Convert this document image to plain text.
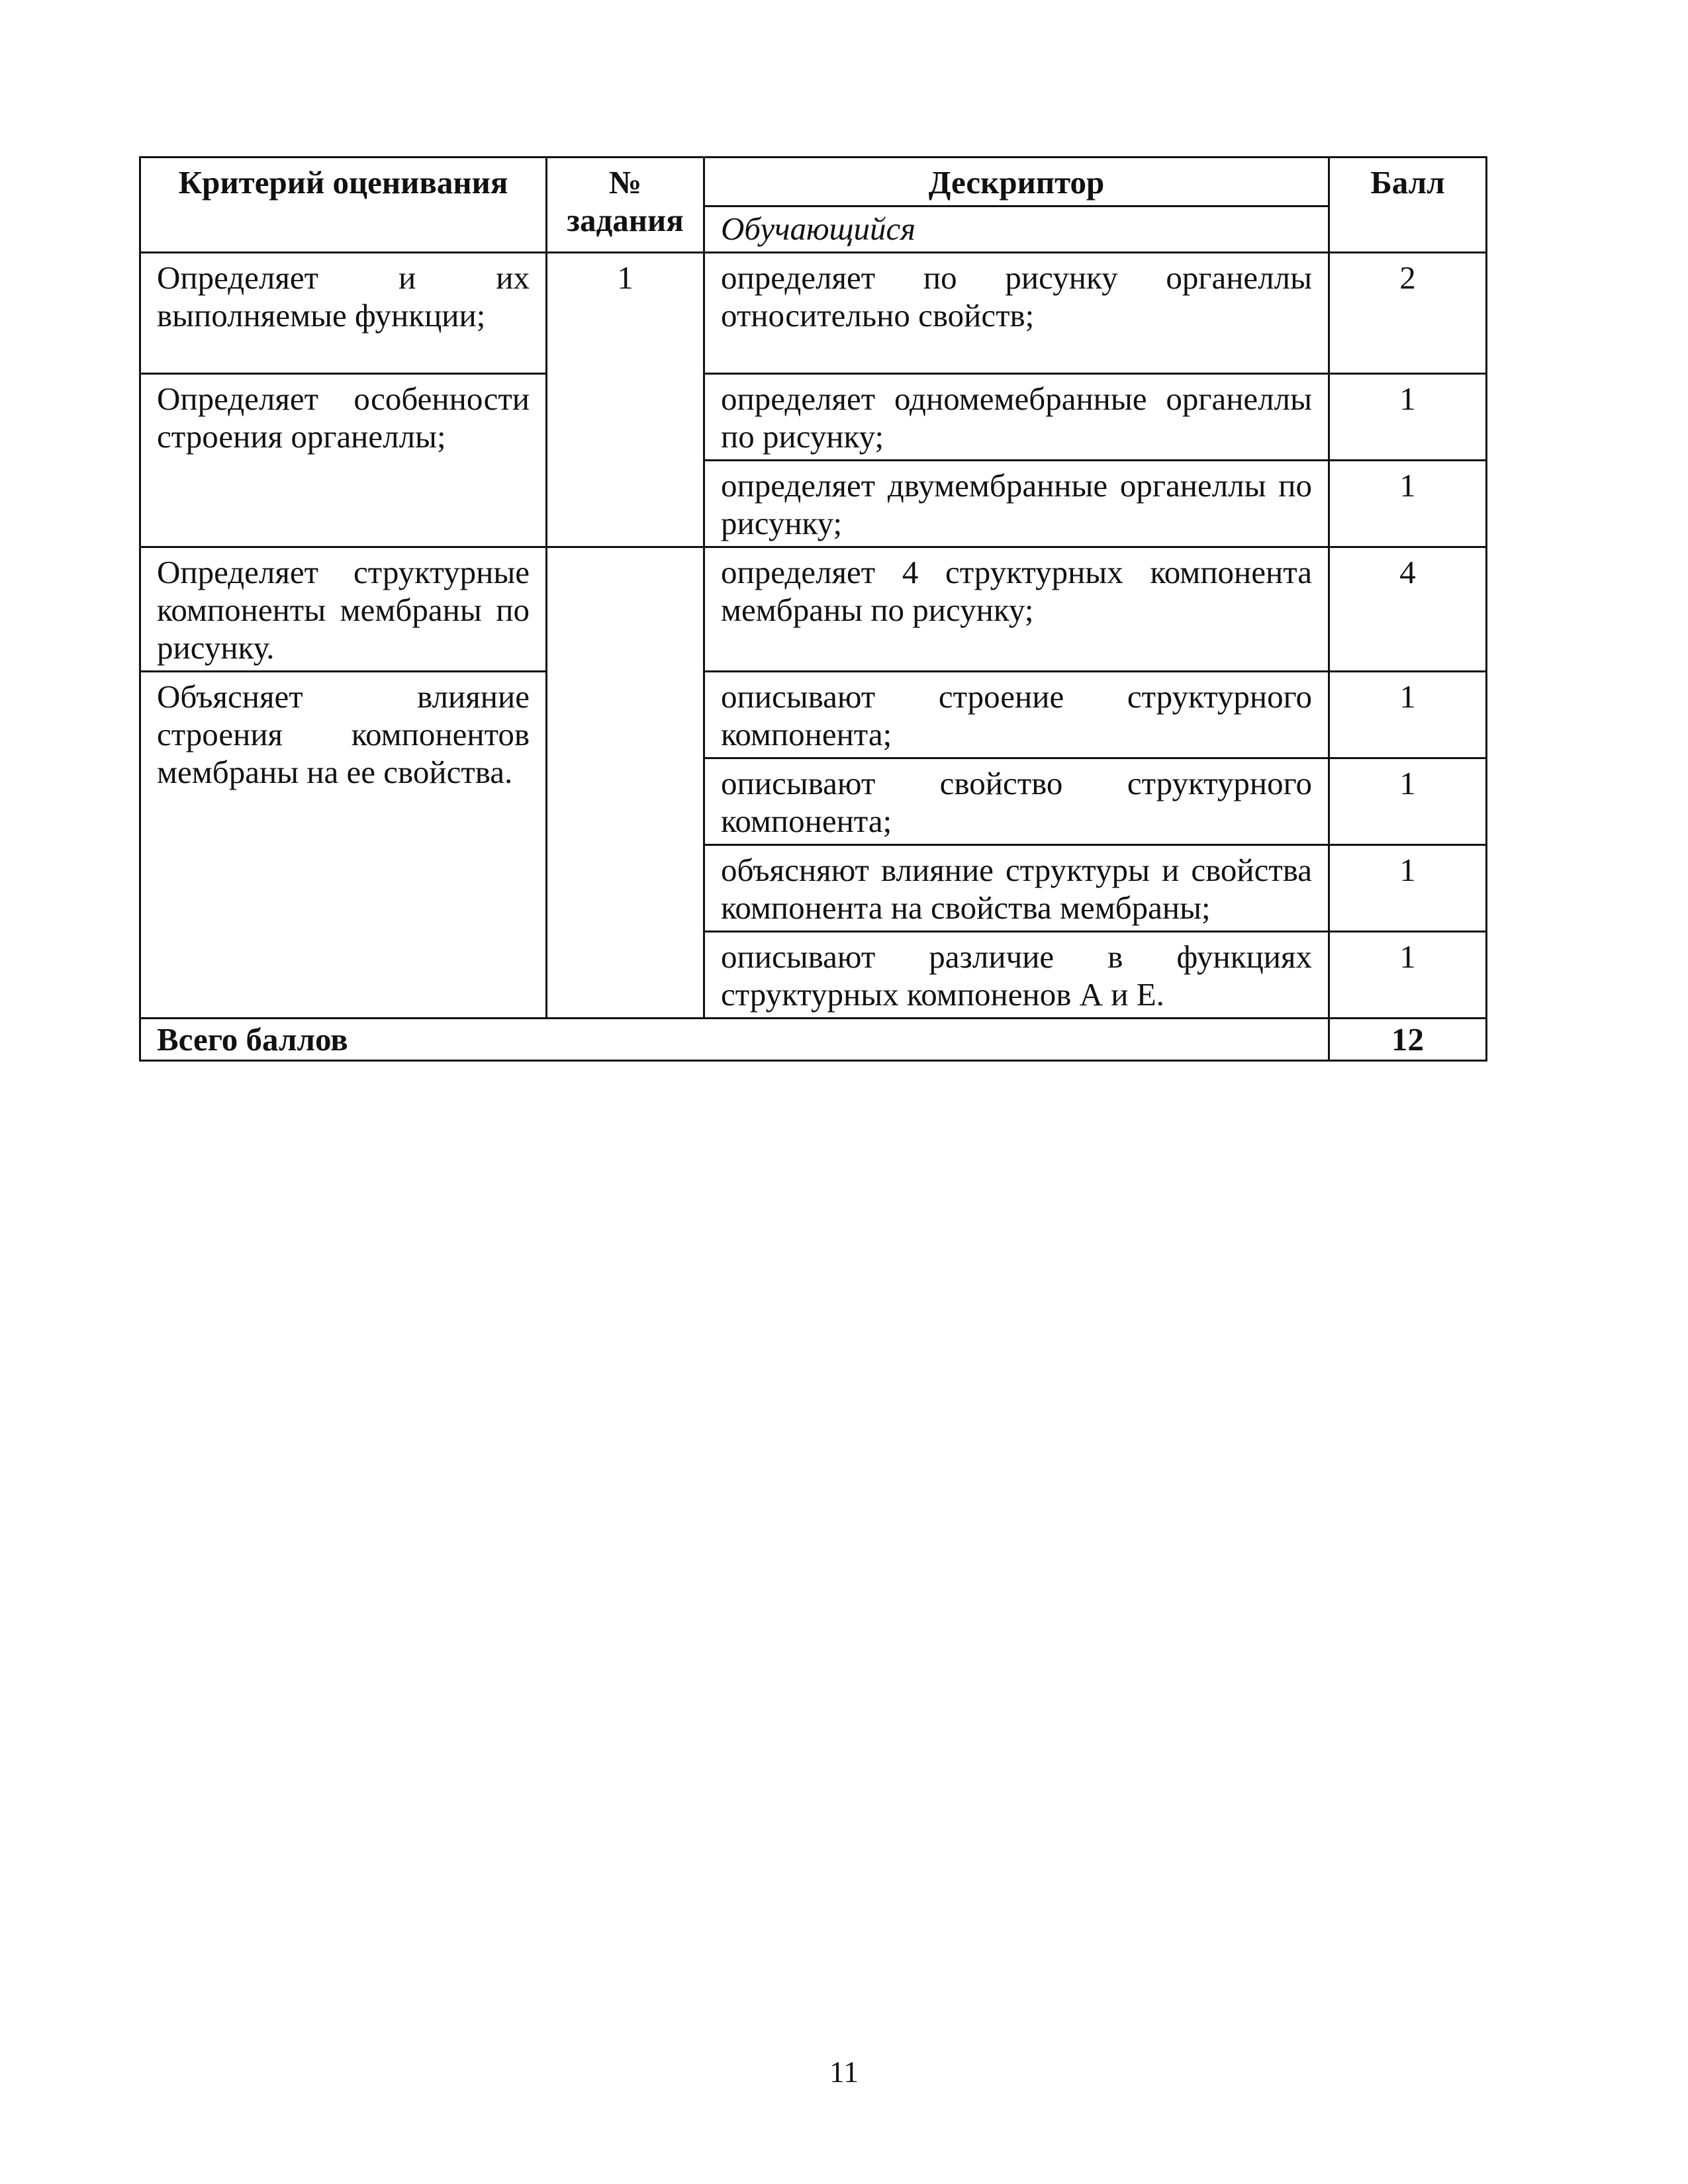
Критерий оценивания	№ задания	Дескриптор	Балл
		Обучающийся	
Определяет и их выполняемые функции;	1	определяет по рисунку органеллы относительно свойств;	2
Определяет особенности строения органеллы;		определяет одномемебранные органеллы по рисунку;	1
		определяет двумембранные органеллы по рисунку;	1
Определяет структурные компоненты мембраны по рисунку.		определяет 4 структурных компонента мембраны по рисунку;	4
Объясняет влияние строения компонентов мембраны на ее свойства.		описывают строение структурного компонента;	1
		описывают свойство структурного компонента;	1
		объясняют влияние структуры и свойства компонента на свойства мембраны;	1
		описывают различие в функциях структурных компоненов А и Е.	1
Всего баллов			12
11
